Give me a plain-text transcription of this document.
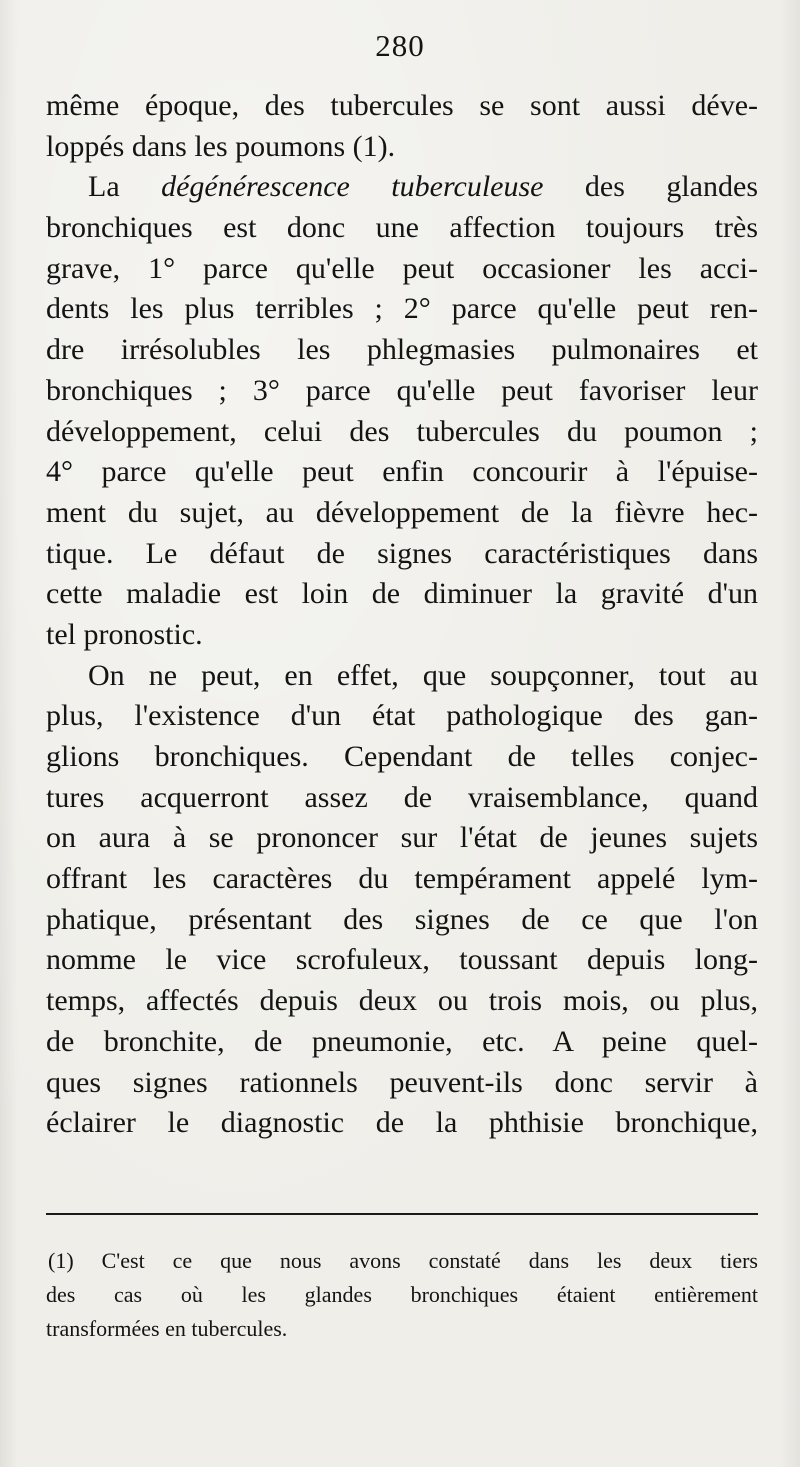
280
même époque, des tubercules se sont aussi déve-
loppés dans les poumons (1).
La dégénérescence tuberculeuse des glandes
bronchiques est donc une affection toujours très
grave, 1° parce qu'elle peut occasioner les acci-
dents les plus terribles ; 2° parce qu'elle peut ren-
dre irrésolubles les phlegmasies pulmonaires et
bronchiques ; 3° parce qu'elle peut favoriser leur
développement, celui des tubercules du poumon ;
4° parce qu'elle peut enfin concourir à l'épuise-
ment du sujet, au développement de la fièvre hec-
tique. Le défaut de signes caractéristiques dans
cette maladie est loin de diminuer la gravité d'un
tel pronostic.
On ne peut, en effet, que soupçonner, tout au
plus, l'existence d'un état pathologique des gan-
glions bronchiques. Cependant de telles conjec-
tures acquerront assez de vraisemblance, quand
on aura à se prononcer sur l'état de jeunes sujets
offrant les caractères du tempérament appelé lym-
phatique, présentant des signes de ce que l'on
nomme le vice scrofuleux, toussant depuis long-
temps, affectés depuis deux ou trois mois, ou plus,
de bronchite, de pneumonie, etc. A peine quel-
ques signes rationnels peuvent-ils donc servir à
éclairer le diagnostic de la phthisie bronchique,
(1) C'est ce que nous avons constaté dans les deux tiers
des cas où les glandes bronchiques étaient entièrement
transformées en tubercules.
